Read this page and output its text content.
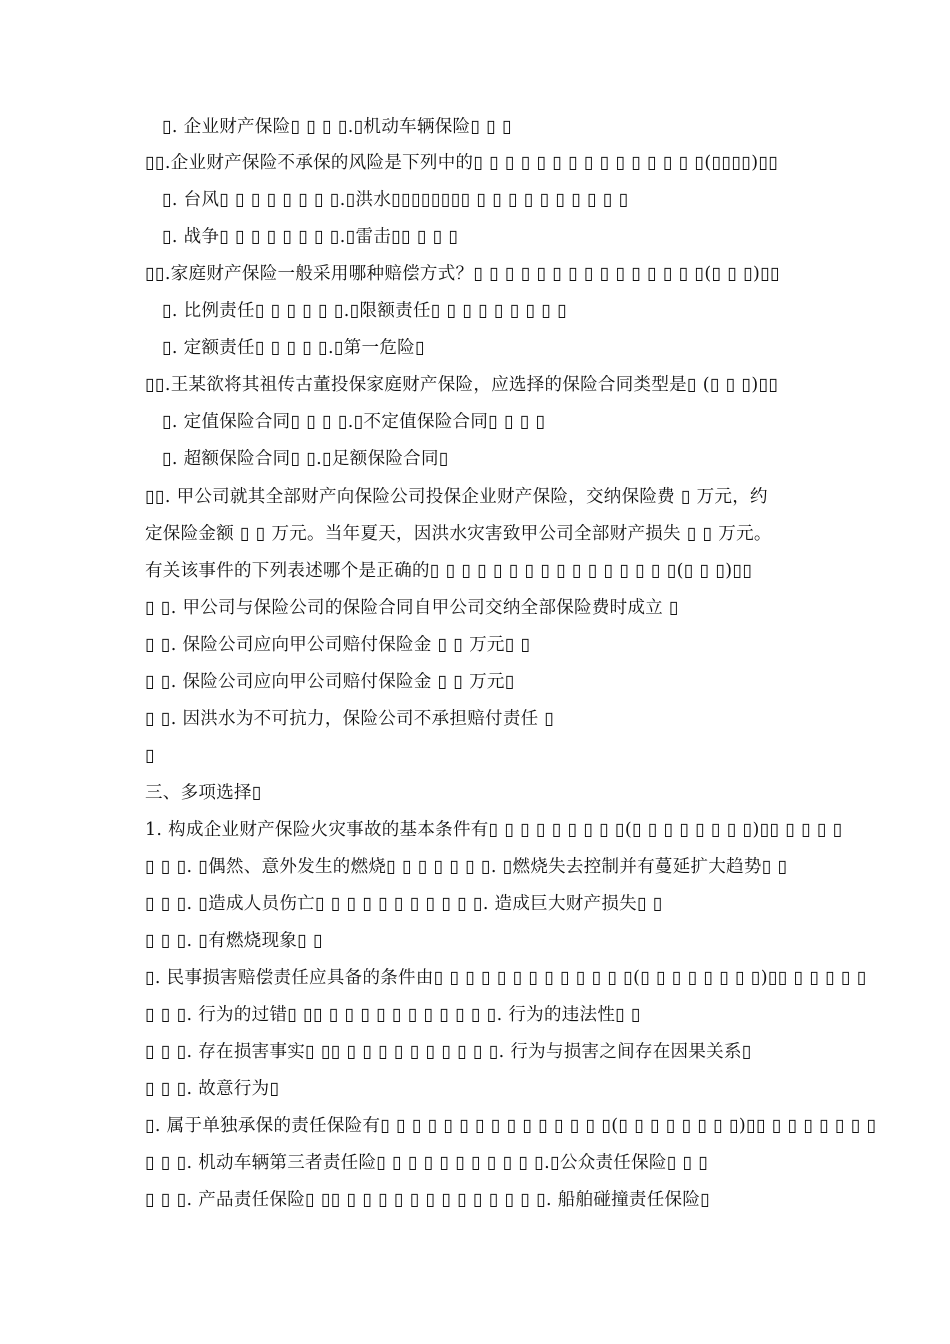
▯. 企业财产保险▯ ▯ ▯ ▯.▯机动车辆保险▯ ▯ ▯
▯▯.企业财产保险不承保的风险是下列中的▯ ▯ ▯ ▯ ▯ ▯ ▯ ▯ ▯ ▯ ▯ ▯ ▯ ▯ ▯(▯▯▯▯)▯▯
▯. 台风▯ ▯ ▯ ▯ ▯ ▯ ▯ ▯.▯洪水▯▯▯▯▯▯▯▯ ▯ ▯ ▯ ▯ ▯ ▯ ▯ ▯ ▯ ▯
▯. 战争▯ ▯ ▯ ▯ ▯ ▯ ▯ ▯.▯雷击▯▯ ▯ ▯ ▯
▯▯.家庭财产保险一般采用哪种赔偿方式？▯ ▯ ▯ ▯ ▯ ▯ ▯ ▯ ▯ ▯ ▯ ▯ ▯ ▯ ▯(▯ ▯ ▯)▯▯
▯. 比例责任▯ ▯ ▯ ▯ ▯ ▯.▯限额责任▯ ▯ ▯ ▯ ▯ ▯ ▯ ▯ ▯
▯. 定额责任▯ ▯ ▯ ▯ ▯.▯第一危险▯
▯▯.王某欲将其祖传古董投保家庭财产保险，应选择的保险合同类型是▯ (▯ ▯ ▯)▯▯
▯. 定值保险合同▯ ▯ ▯ ▯.▯不定值保险合同▯ ▯ ▯ ▯
▯. 超额保险合同▯ ▯.▯足额保险合同▯
▯▯. 甲公司就其全部财产向保险公司投保企业财产保险，交纳保险费 ▯ 万元，约
定保险金额 ▯ ▯ 万元。当年夏天，因洪水灾害致甲公司全部财产损失 ▯ ▯ 万元。
有关该事件的下列表述哪个是正确的▯ ▯ ▯ ▯ ▯ ▯ ▯ ▯ ▯ ▯ ▯ ▯ ▯ ▯ ▯ ▯(▯ ▯ ▯)▯▯
▯ ▯. 甲公司与保险公司的保险合同自甲公司交纳全部保险费时成立 ▯
▯ ▯. 保险公司应向甲公司赔付保险金 ▯ ▯ 万元▯ ▯
▯ ▯. 保险公司应向甲公司赔付保险金 ▯ ▯ 万元▯
▯ ▯. 因洪水为不可抗力，保险公司不承担赔付责任 ▯
▯
三、多项选择▯
1. 构成企业财产保险火灾事故的基本条件有▯ ▯ ▯ ▯ ▯ ▯ ▯ ▯ ▯(▯ ▯ ▯ ▯ ▯ ▯ ▯ ▯)▯▯ ▯ ▯ ▯ ▯
▯ ▯ ▯. ▯偶然、意外发生的燃烧▯ ▯ ▯ ▯ ▯ ▯ ▯. ▯燃烧失去控制并有蔓延扩大趋势▯ ▯
▯ ▯ ▯. ▯造成人员伤亡▯ ▯ ▯ ▯ ▯ ▯ ▯ ▯ ▯ ▯ ▯. 造成巨大财产损失▯ ▯
▯ ▯ ▯. ▯有燃烧现象▯ ▯
▯. 民事损害赔偿责任应具备的条件由▯ ▯ ▯ ▯ ▯ ▯ ▯ ▯ ▯ ▯ ▯ ▯ ▯(▯ ▯ ▯ ▯ ▯ ▯ ▯ ▯)▯▯ ▯ ▯ ▯ ▯ ▯
▯ ▯ ▯. 行为的过错▯ ▯▯ ▯ ▯ ▯ ▯ ▯ ▯ ▯ ▯ ▯ ▯ ▯. 行为的违法性▯ ▯
▯ ▯ ▯. 存在损害事实▯ ▯▯ ▯ ▯ ▯ ▯ ▯ ▯ ▯ ▯ ▯ ▯. 行为与损害之间存在因果关系▯
▯ ▯ ▯. 故意行为▯
▯. 属于单独承保的责任保险有▯ ▯ ▯ ▯ ▯ ▯ ▯ ▯ ▯ ▯ ▯ ▯ ▯ ▯ ▯(▯ ▯ ▯ ▯ ▯ ▯ ▯ ▯)▯▯ ▯ ▯ ▯ ▯ ▯ ▯ ▯
▯ ▯ ▯. 机动车辆第三者责任险▯ ▯ ▯ ▯ ▯ ▯ ▯ ▯ ▯ ▯ ▯.▯公众责任保险▯ ▯ ▯
▯ ▯ ▯. 产品责任保险▯ ▯▯ ▯ ▯ ▯ ▯ ▯ ▯ ▯ ▯ ▯ ▯ ▯ ▯ ▯. 船舶碰撞责任保险▯
